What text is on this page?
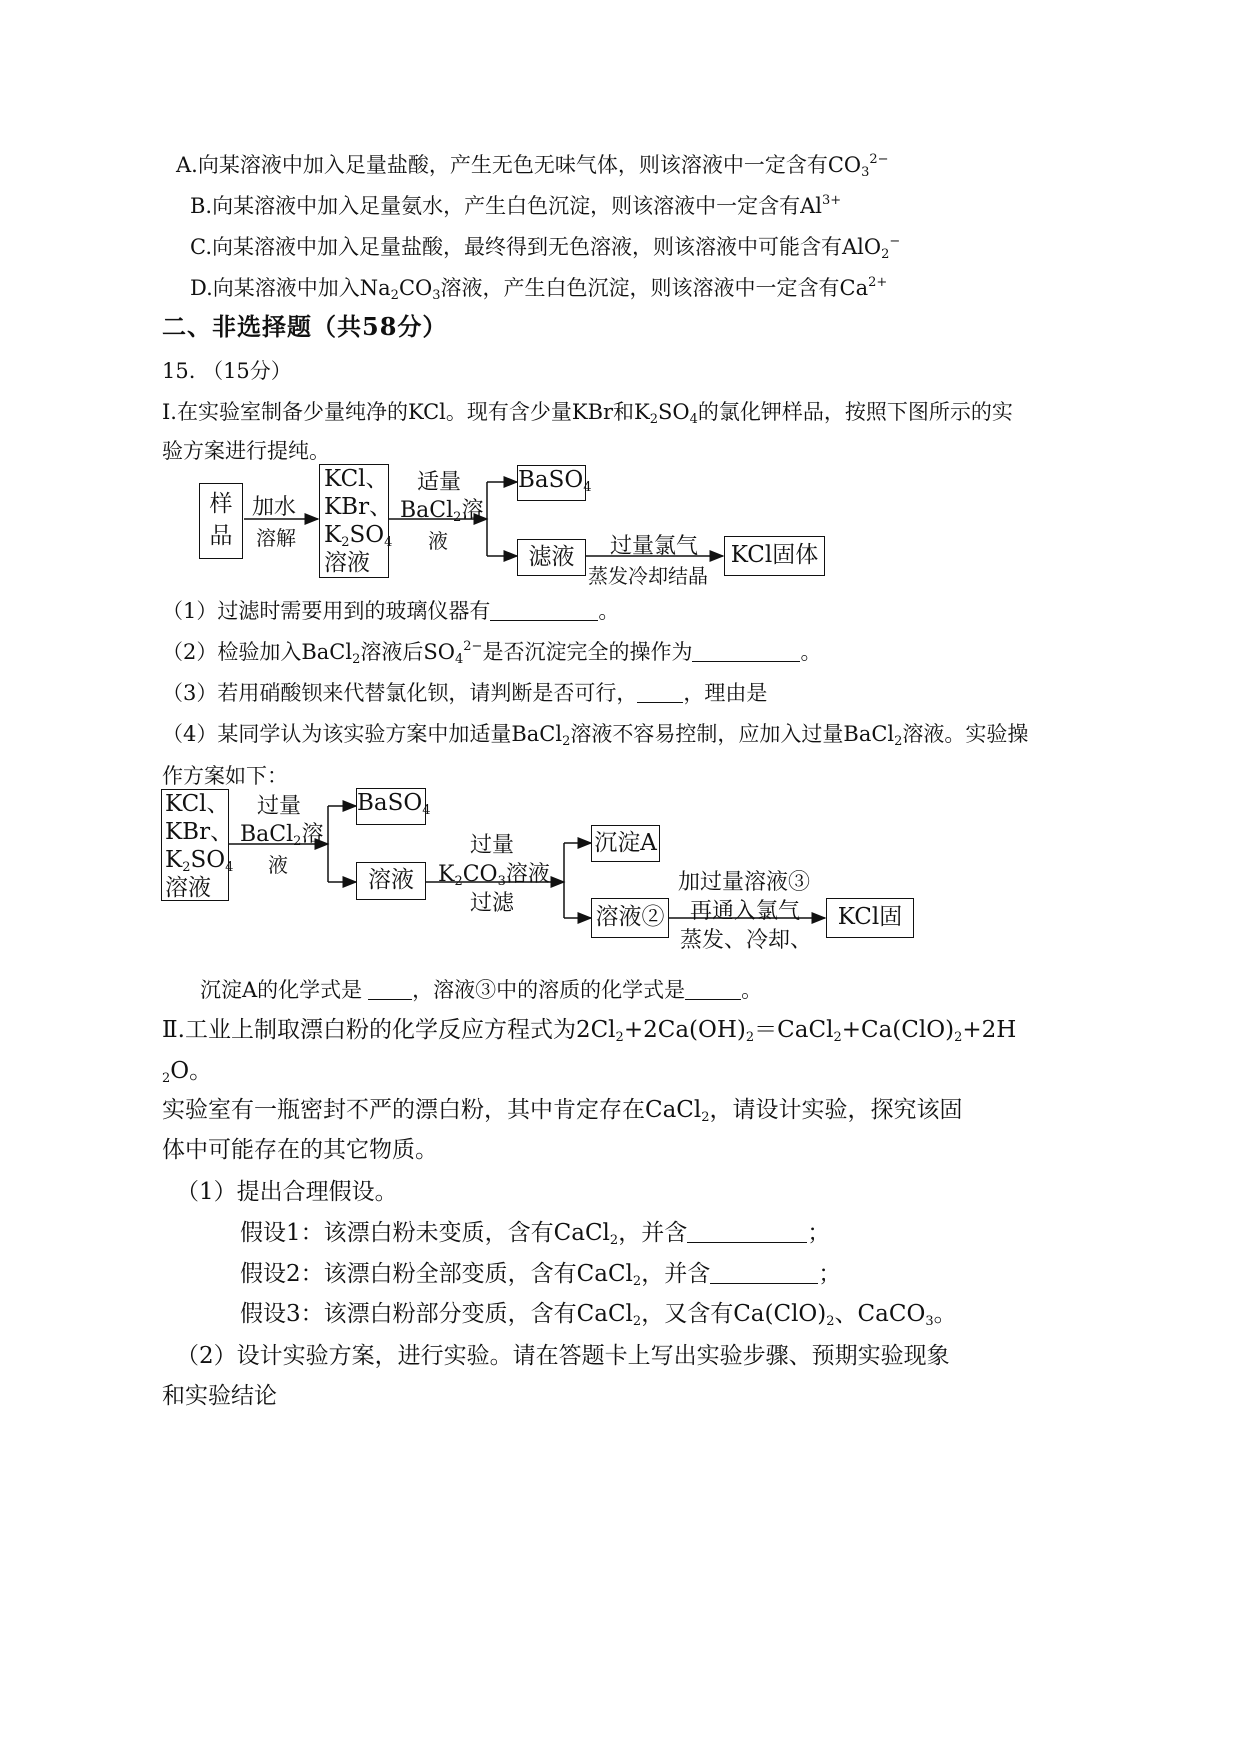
A.向某溶液中加入足量盐酸，产生无色无味气体，则该溶液中一定含有$CO_3^{2-}$
B.向某溶液中加入足量氨水，产生白色沉淀，则该溶液中一定含有$Al^{3+}$
C.向某溶液中加入足量盐酸，最终得到无色溶液，则该溶液中可能含有AlO$_2$−
D.向某溶液中加入$Na_2CO_3$溶液，产生白色沉淀，则该溶液中一定含有$Ca^{2+}$
二、非选择题（共58分）
15. （15分）
Ⅰ.在实验室制备少量纯净的KCl。现有含少量KBr和$K_2SO_4$的氯化钾样品，按照下图所示的实
验方案进行提纯。
样品
加水
溶解
KCl、
KBr、
$K_2SO_4$
溶液
适量
BaCl$_2$溶
液
BaSO$_4$
滤液	过量氯气
蒸发冷却结晶
KCl固体
（1）过滤时需要用到的玻璃仪器有	。
（2）检验加入BaCl$_2$溶液后$SO_4^{2-}$是否沉淀完全的操作为	。
（3）若用硝酸钡来代替氯化钡，请判断是否可行， ，理由是
（4）某同学认为该实验方案中加适量BaCl$_2$溶液不容易控制，应加入过量BaCl$_2$溶液。实验操
作方案如下：
KCl、
KBr、
$K_2SO_4$
溶液
过量
BaCl$_2$溶
液
BaSO$_4$
溶液
过量
$K_2CO_3$溶液
过滤
沉淀A
溶液②
加过量溶液③
再通入氯气
蒸发、冷却、
KCl固
沉淀A的化学式是 ，溶液③中的溶质的化学式是	。
Ⅱ.工业上制取漂白粉的化学反应方程式为$2Cl_2+2Ca(OH)_2=CaCl_2+Ca(ClO)_2+2H$
$_2$O。
实验室有一瓶密封不严的漂白粉，其中肯定存在CaCl$_2$，请设计实验，探究该固
体中可能存在的其它物质。
（1）提出合理假设。
假设1：该漂白粉未变质，含有CaCl$_2$，并含	；
假设2：该漂白粉全部变质，含有CaCl$_2$，并含	；
假设3：该漂白粉部分变质，含有CaCl$_2$，又含有$Ca(ClO)_2$、CaCO$_3$。
（2）设计实验方案，进行实验。请在答题卡上写出实验步骤、预期实验现象
和实验结论
